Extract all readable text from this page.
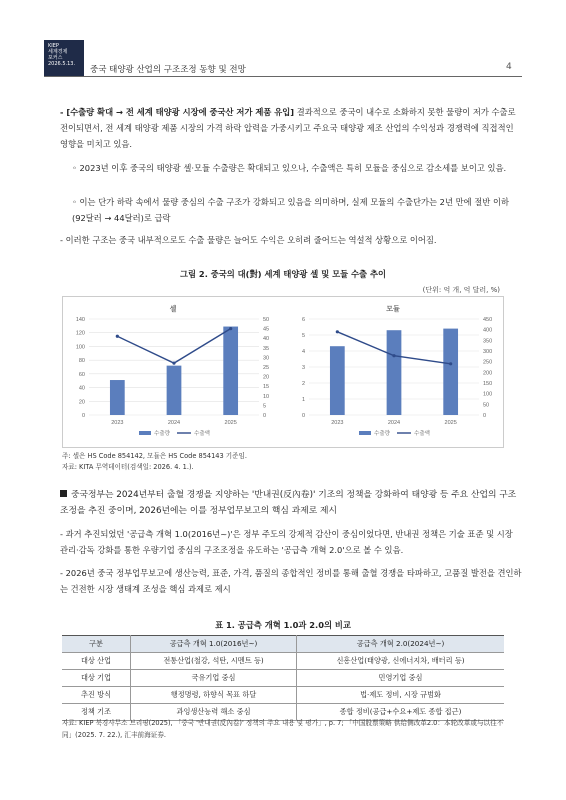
KIEP
세계경제
포커스
2026.5.13.
중국 태양광 산업의 구조조정 동향 및 전망	4

- [수출량 확대 → 전 세계 태양광 시장에 중국산 저가 제품 유입] 결과적으로 중국이 내수로 소화하지 못한 물량이 저가 수출로 전이되면서, 전 세계 태양광 제품 시장의 가격 하락 압력을 가중시키고 주요국 태양광 제조 산업의 수익성과 경쟁력에 직접적인 영향을 미치고 있음.

◦ 2023년 이후 중국의 태양광 셀·모듈 수출량은 확대되고 있으나, 수출액은 특히 모듈을 중심으로 감소세를 보이고 있음.

◦ 이는 단가 하락 속에서 물량 중심의 수출 구조가 강화되고 있음을 의미하며, 실제 모듈의 수출단가는 2년 만에 절반 이하(92달러 → 44달러)로 급락

- 이러한 구조는 중국 내부적으로도 수출 물량은 늘어도 수익은 오히려 줄어드는 역설적 상황으로 이어짐.

그림 2. 중국의 대(對) 세계 태양광 셀 및 모듈 수출 추이
(단위: 억 개, 억 달러, %)
셀
0
20
40
60
80
100
120
140
0
5
10
15
20
25
30
35
40
45
50
2023	2024	2025
수출량	수출액
모듈
0
1
2
3
4
5
6
0
50
100
150
200
250
300
350
400
450
2023	2024	2025
수출량	수출액
주: 셀은 HS Code 854142, 모듈은 HS Code 854143 기준임.
자료: KITA 무역데이터(검색일: 2026. 4. 1.).

중국정부는 2024년부터 출혈 경쟁을 지양하는 '반내권(反內卷)' 기조의 정책을 강화하여 태양광 등 주요 산업의 구조조정을 추진 중이며, 2026년에는 이를 정부업무보고의 핵심 과제로 제시

- 과거 추진되었던 '공급측 개혁 1.0(2016년~)'은 정부 주도의 강제적 감산이 중심이었다면, 반내권 정책은 기술 표준 및 시장 관리·감독 강화를 통한 우량기업 중심의 구조조정을 유도하는 '공급측 개혁 2.0'으로 볼 수 있음.

- 2026년 중국 정부업무보고에 생산능력, 표준, 가격, 품질의 종합적인 정비를 통해 출혈 경쟁을 타파하고, 고품질 발전을 견인하는 건전한 시장 생태계 조성을 핵심 과제로 제시

표 1. 공급측 개혁 1.0과 2.0의 비교
구분	공급측 개혁 1.0(2016년~)	공급측 개혁 2.0(2024년~)
대상 산업	전통산업(철강, 석탄, 시멘트 등)	신흥산업(태양광, 신에너지차, 배터리 등)
대상 기업	국유기업 중심	민영기업 중심
추진 방식	행정명령, 하향식 목표 하달	법·제도 정비, 시장 규범화
정책 기조	과잉생산능력 해소 중심	종합 정비(공급+수요+제도 종합 접근)
자료: KIEP 북경사무소 브리핑(2025), 「중국 '반내권(反內卷)' 정책의 주요 내용 및 평가」, p. 7; 「中国股票策略 供给侧改革2.0：本轮改革或与以往不同」(2025. 7. 22.), 汇丰前海证券.
